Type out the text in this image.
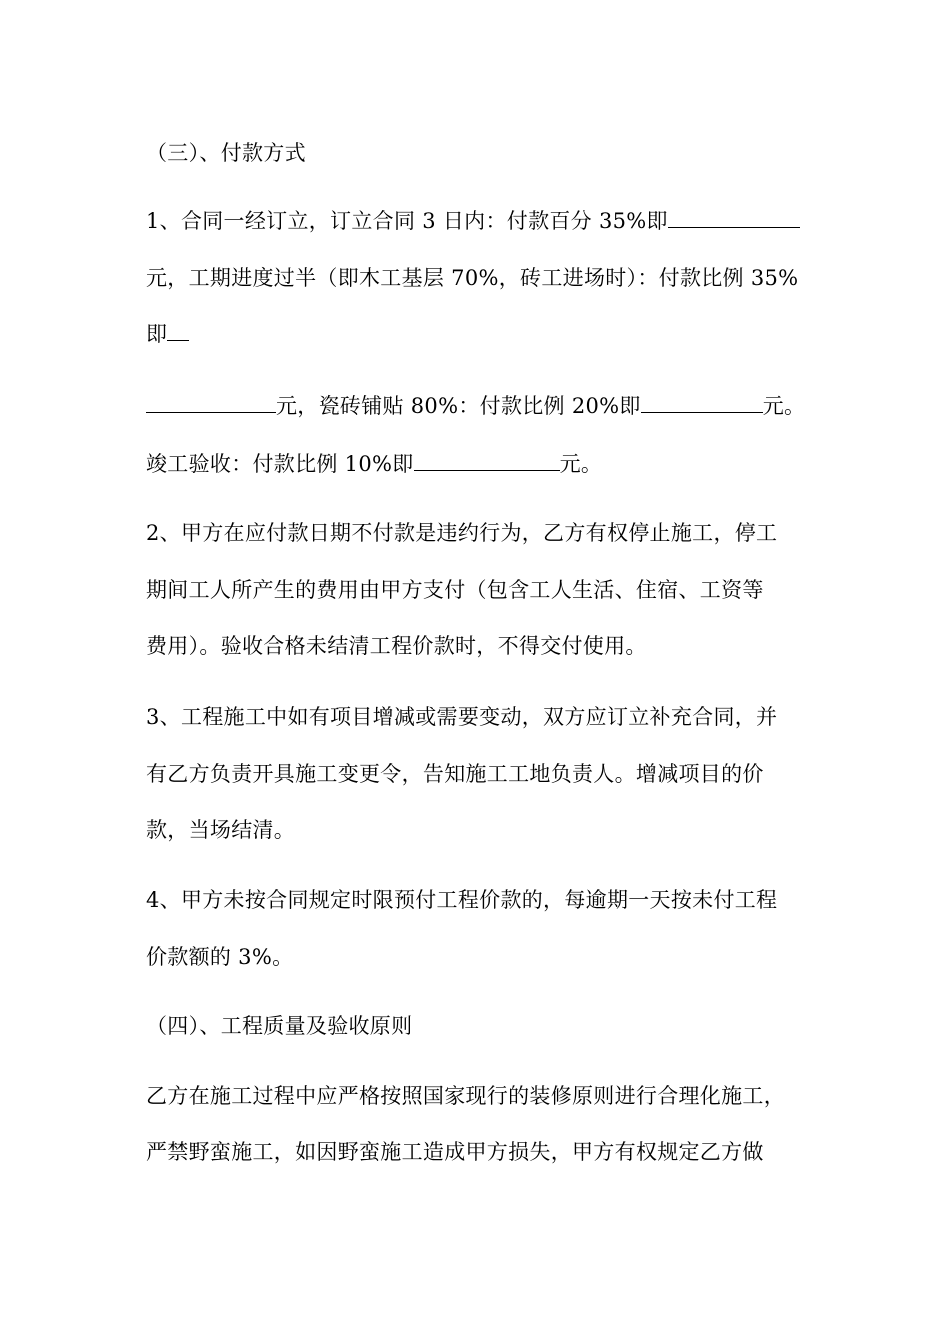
（三）、付款方式
1、合同一经订立，订立合同 3 日内：付款百分 35%即
元，工期进度过半（即木工基层 70%，砖工进场时）：付款比例 35%
即
元，瓷砖铺贴 80%：付款比例 20%即	元。
竣工验收：付款比例 10%即	元。
2、甲方在应付款日期不付款是违约行为，乙方有权停止施工，停工
期间工人所产生的费用由甲方支付（包含工人生活、住宿、工资等
费用）。验收合格未结清工程价款时，不得交付使用。
3、工程施工中如有项目增减或需要变动，双方应订立补充合同，并
有乙方负责开具施工变更令，告知施工工地负责人。增减项目的价
款，当场结清。
4、甲方未按合同规定时限预付工程价款的，每逾期一天按未付工程
价款额的 3%。
（四）、工程质量及验收原则
乙方在施工过程中应严格按照国家现行的装修原则进行合理化施工，
严禁野蛮施工，如因野蛮施工造成甲方损失，甲方有权规定乙方做
